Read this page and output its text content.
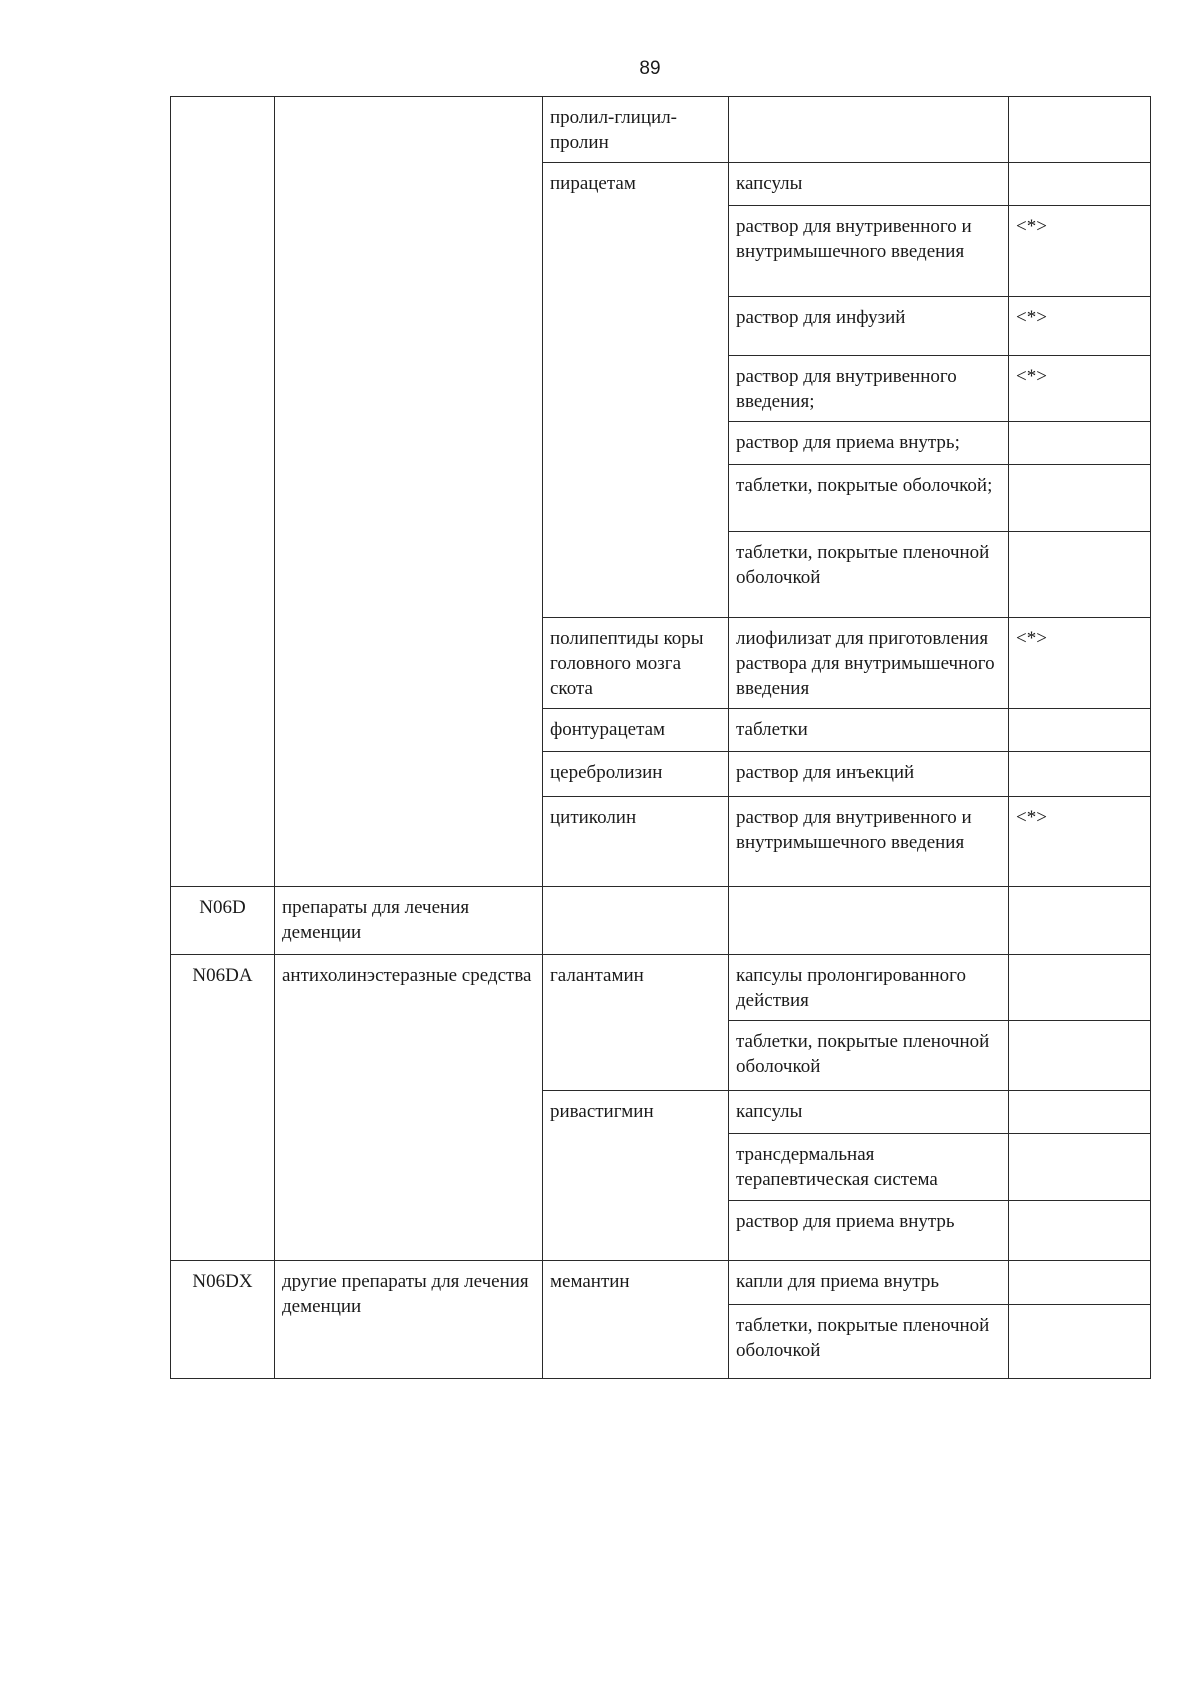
89
		пролил-глицил-пролин		
		пирацетам	капсулы	
			раствор для внутривенного и внутримышечного введения	<*>
			раствор для инфузий	<*>
			раствор для внутривенного введения;	<*>
			раствор для приема внутрь;	
			таблетки, покрытые оболочкой;	
			таблетки, покрытые пленочной оболочкой	
		полипептиды коры головного мозга скота	лиофилизат для приготовления раствора для внутримышечного введения	<*>
		фонтурацетам	таблетки	
		церебролизин	раствор для инъекций	
		цитиколин	раствор для внутривенного и внутримышечного введения	<*>

N06D	препараты для лечения деменции			
N06DA	антихолинэстеразные средства	галантамин	капсулы пролонгированного действия	
			таблетки, покрытые пленочной оболочкой	
		ривастигмин	капсулы	
			трансдермальная терапевтическая система	
			раствор для приема внутрь	
N06DX	другие препараты для лечения деменции	мемантин	капли для приема внутрь	
			таблетки, покрытые пленочной оболочкой	
